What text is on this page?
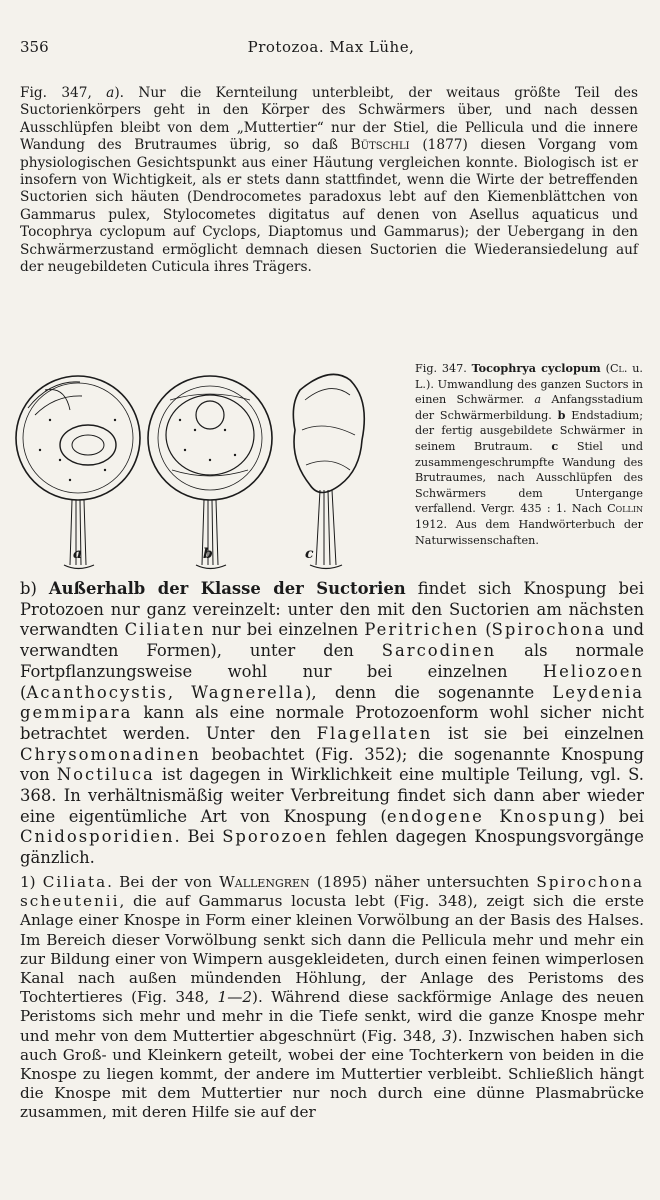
356	Protozoa. Max Lühe,

Fig. 347, a). Nur die Kernteilung unterbleibt, der weitaus größte Teil des Suctorienkörpers geht in den Körper des Schwärmers über, und nach dessen Ausschlüpfen bleibt von dem „Muttertier“ nur der Stiel, die Pellicula und die innere Wandung des Brutraumes übrig, so daß Bütschli (1877) diesen Vorgang vom physiologischen Gesichtspunkt aus einer Häutung vergleichen konnte. Biologisch ist er insofern von Wichtigkeit, als er stets dann stattfindet, wenn die Wirte der betreffenden Suctorien sich häuten (Dendrocometes paradoxus lebt auf den Kiemenblättchen von Gammarus pulex, Stylocometes digitatus auf denen von Asellus aquaticus und Tocophrya cyclopum auf Cyclops, Diaptomus und Gammarus); der Uebergang in den Schwärmerzustand ermöglicht demnach diesen Suctorien die Wiederansiedelung auf der neugebildeten Cuticula ihres Trägers.

a	b	c

Fig. 347. Tocophrya cyclopum (Cl. u. L.). Umwandlung des ganzen Suctors in einen Schwärmer. a Anfangsstadium der Schwärmerbildung. b Endstadium; der fertig ausgebildete Schwärmer in seinem Brutraum. c Stiel und zusammengeschrumpfte Wandung des Brutraumes, nach Ausschlüpfen des Schwärmers dem Untergange verfallend. Vergr. 435 : 1. Nach Collin 1912. Aus dem Handwörterbuch der Naturwissenschaften.

b) Außerhalb der Klasse der Suctorien findet sich Knospung bei Protozoen nur ganz vereinzelt: unter den mit den Suctorien am nächsten verwandten Ciliaten nur bei einzelnen Peritrichen (Spirochona und verwandten Formen), unter den Sarcodinen als normale Fortpflanzungsweise wohl nur bei einzelnen Heliozoen (Acanthocystis, Wagnerella), denn die sogenannte Leydenia gemmipara kann als eine normale Protozoenform wohl sicher nicht betrachtet werden. Unter den Flagellaten ist sie bei einzelnen Chrysomonadinen beobachtet (Fig. 352); die sogenannte Knospung von Noctiluca ist dagegen in Wirklichkeit eine multiple Teilung, vgl. S. 368. In verhältnismäßig weiter Verbreitung findet sich dann aber wieder eine eigentümliche Art von Knospung (endogene Knospung) bei Cnidosporidien. Bei Sporozoen fehlen dagegen Knospungsvorgänge gänzlich.

1) Ciliata. Bei der von Wallengren (1895) näher untersuchten Spirochona scheutenii, die auf Gammarus locusta lebt (Fig. 348), zeigt sich die erste Anlage einer Knospe in Form einer kleinen Vorwölbung an der Basis des Halses. Im Bereich dieser Vorwölbung senkt sich dann die Pellicula mehr und mehr ein zur Bildung einer von Wimpern ausgekleideten, durch einen feinen wimperlosen Kanal nach außen mündenden Höhlung, der Anlage des Peristoms des Tochtertieres (Fig. 348, 1—2). Während diese sackförmige Anlage des neuen Peristoms sich mehr und mehr in die Tiefe senkt, wird die ganze Knospe mehr und mehr von dem Muttertier abgeschnürt (Fig. 348, 3). Inzwischen haben sich auch Groß- und Kleinkern geteilt, wobei der eine Tochterkern von beiden in die Knospe zu liegen kommt, der andere im Muttertier verbleibt. Schließlich hängt die Knospe mit dem Muttertier nur noch durch eine dünne Plasmabrücke zusammen, mit deren Hilfe sie auf der
